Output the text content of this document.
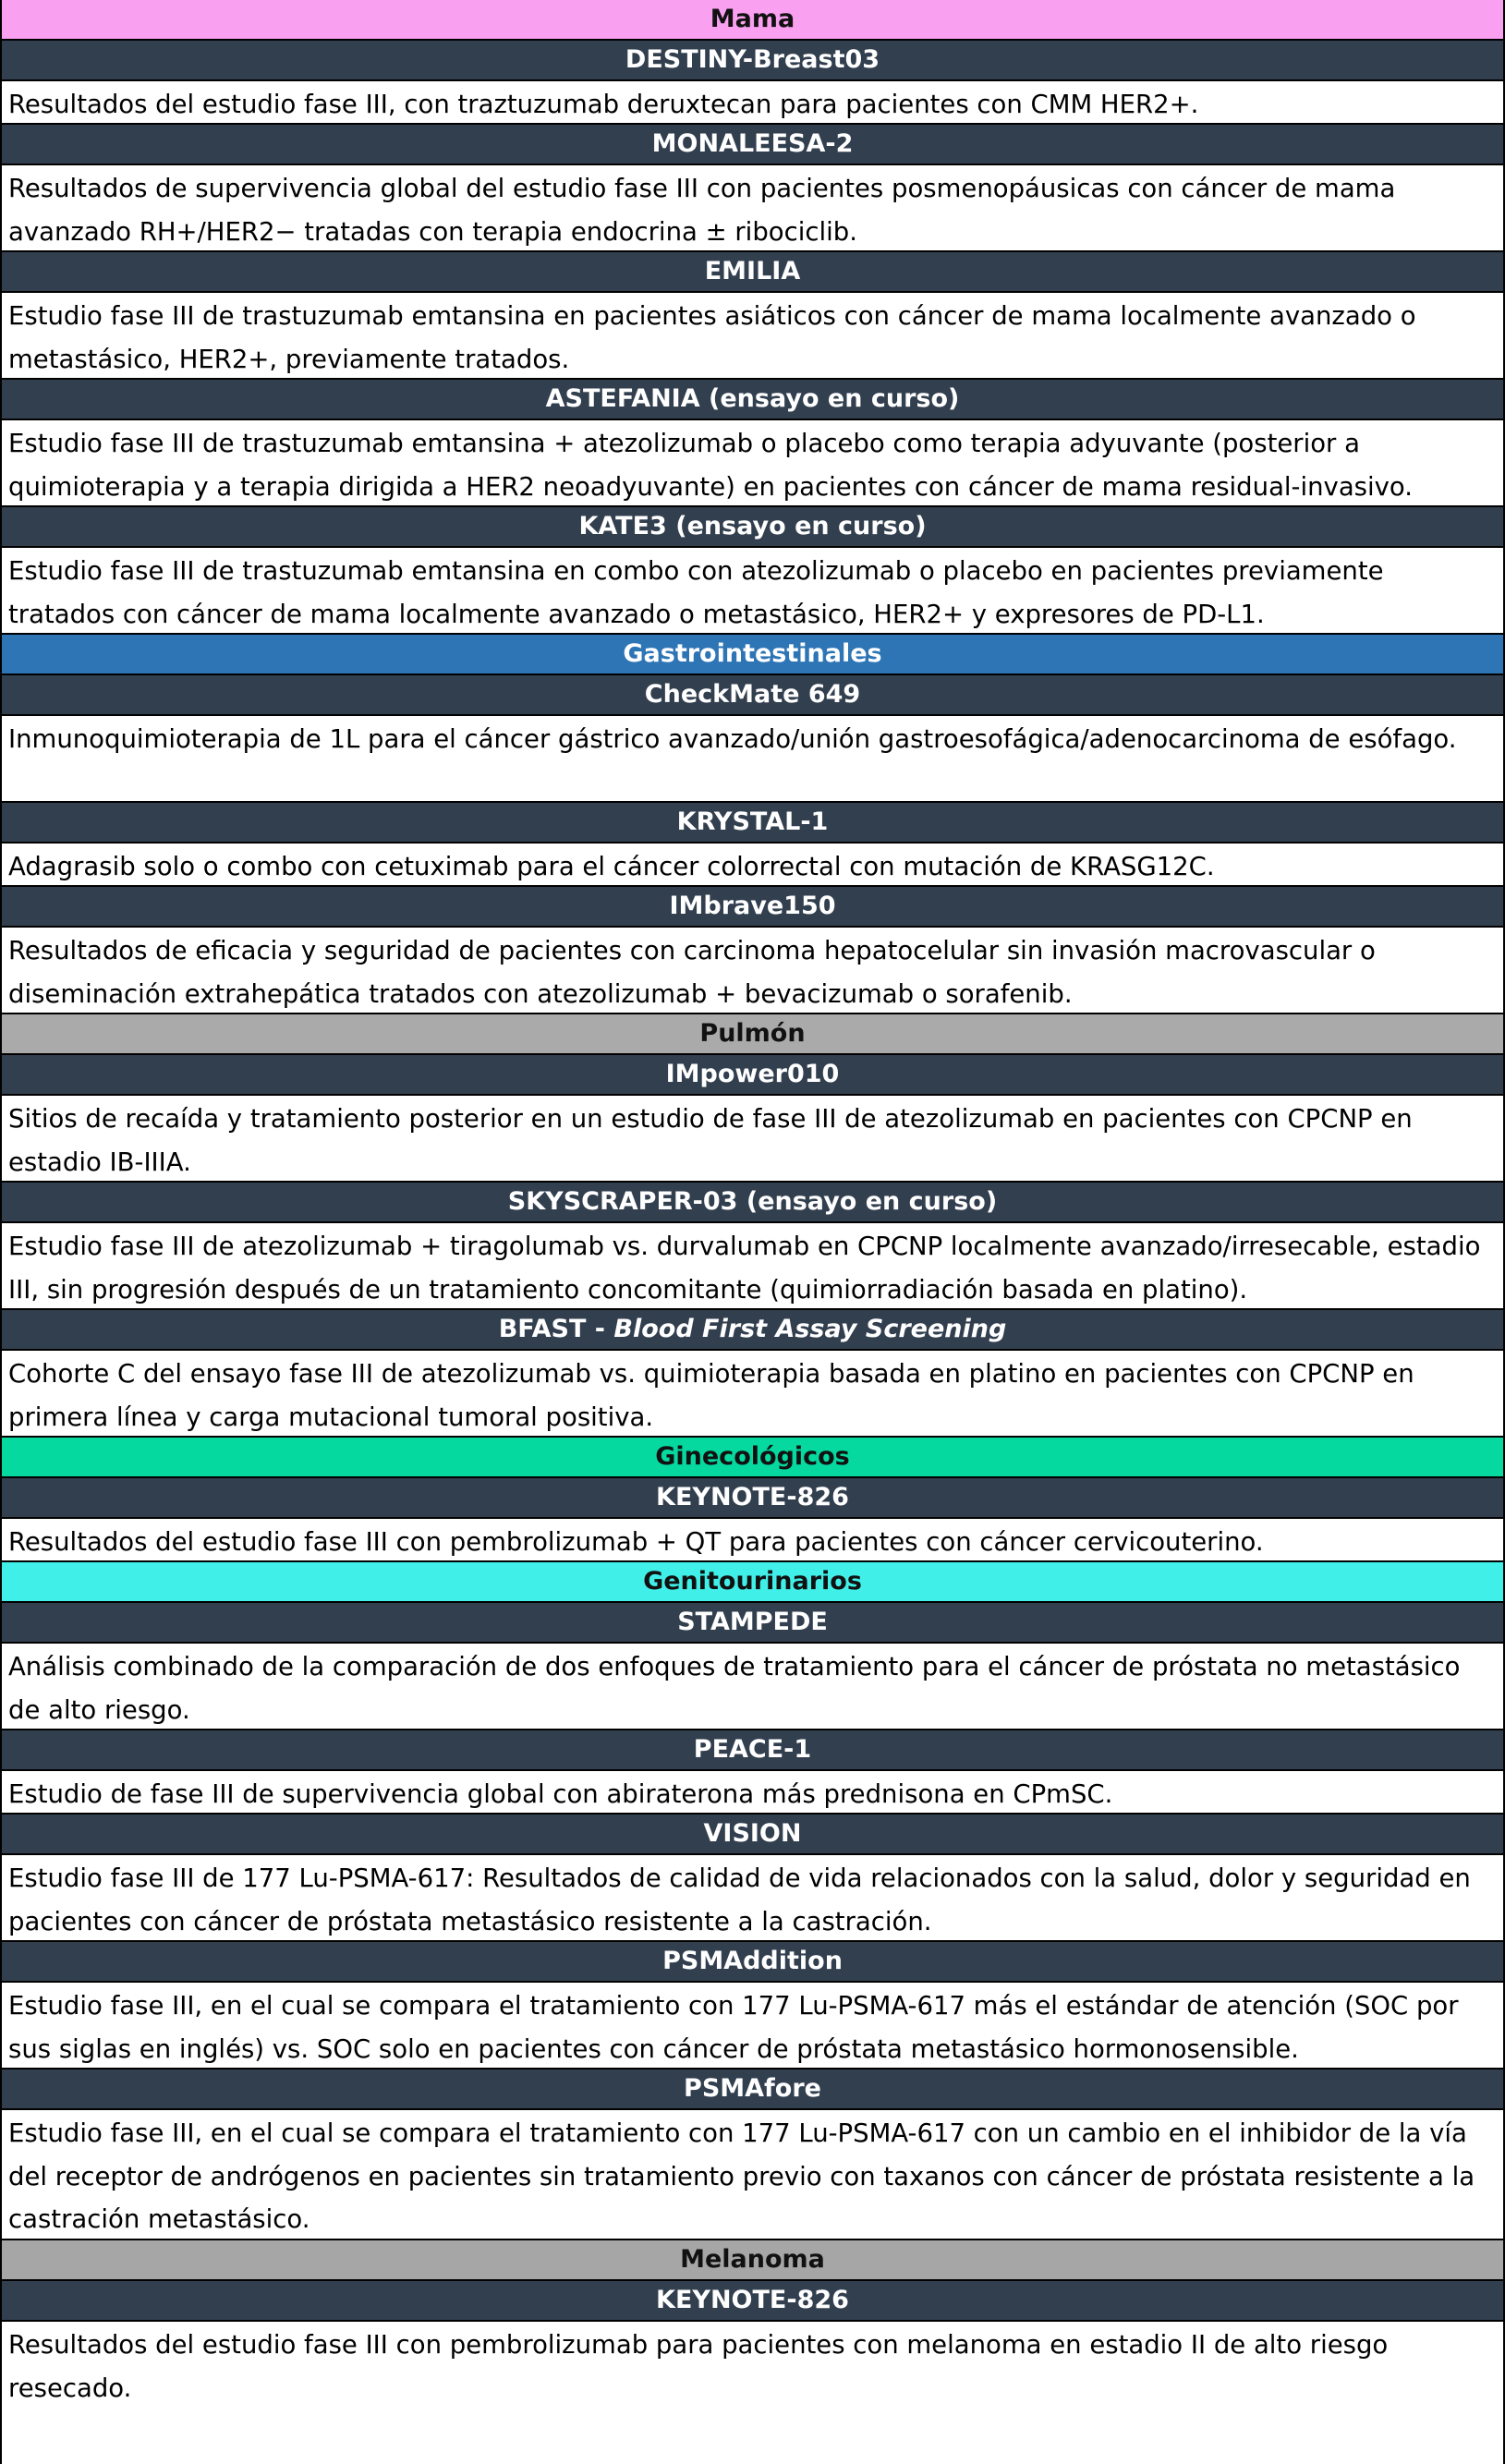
Mama
DESTINY-Breast03
Resultados del estudio fase III, con traztuzumab deruxtecan para pacientes con CMM HER2+.
MONALEESA-2
Resultados de supervivencia global del estudio fase III con pacientes posmenopáusicas con cáncer de mama avanzado RH+/HER2− tratadas con terapia endocrina ± ribociclib.
EMILIA
Estudio fase III de trastuzumab emtansina en pacientes asiáticos con cáncer de mama localmente avanzado o metastásico, HER2+, previamente tratados.
ASTEFANIA (ensayo en curso)
Estudio fase III de trastuzumab emtansina + atezolizumab o placebo como terapia adyuvante (posterior a quimioterapia y a terapia dirigida a HER2 neoadyuvante) en pacientes con cáncer de mama residual-invasivo.
KATE3 (ensayo en curso)
Estudio fase III de trastuzumab emtansina en combo con atezolizumab o placebo en pacientes previamente tratados con cáncer de mama localmente avanzado o metastásico, HER2+ y expresores de PD-L1.
Gastrointestinales
CheckMate 649
Inmunoquimioterapia de 1L para el cáncer gástrico avanzado/unión gastroesofágica/adenocarcinoma de esófago.
KRYSTAL-1
Adagrasib solo o combo con cetuximab para el cáncer colorrectal con mutación de KRASG12C.
IMbrave150
Resultados de eficacia y seguridad de pacientes con carcinoma hepatocelular sin invasión macrovascular o diseminación extrahepática tratados con atezolizumab + bevacizumab o sorafenib.
Pulmón
IMpower010
Sitios de recaída y tratamiento posterior en un estudio de fase III de atezolizumab en pacientes con CPCNP en estadio IB-IIIA.
SKYSCRAPER-03 (ensayo en curso)
Estudio fase III de atezolizumab + tiragolumab vs. durvalumab en CPCNP localmente avanzado/irresecable, estadio III, sin progresión después de un tratamiento concomitante (quimiorradiación basada en platino).
BFAST - Blood First Assay Screening
Cohorte C del ensayo fase III de atezolizumab vs. quimioterapia basada en platino en pacientes con CPCNP en primera línea y carga mutacional tumoral positiva.
Ginecológicos
KEYNOTE-826
Resultados del estudio fase III con pembrolizumab + QT para pacientes con cáncer cervicouterino.
Genitourinarios
STAMPEDE
Análisis combinado de la comparación de dos enfoques de tratamiento para el cáncer de próstata no metastásico de alto riesgo.
PEACE-1
Estudio de fase III de supervivencia global con abiraterona más prednisona en CPmSC.
VISION
Estudio fase III de 177 Lu-PSMA-617: Resultados de calidad de vida relacionados con la salud, dolor y seguridad en pacientes con cáncer de próstata metastásico resistente a la castración.
PSMAddition
Estudio fase III, en el cual se compara el tratamiento con 177 Lu-PSMA-617 más el estándar de atención (SOC por sus siglas en inglés) vs. SOC solo en pacientes con cáncer de próstata metastásico hormonosensible.
PSMAfore
Estudio fase III, en el cual se compara el tratamiento con 177 Lu-PSMA-617 con un cambio en el inhibidor de la vía del receptor de andrógenos en pacientes sin tratamiento previo con taxanos con cáncer de próstata resistente a la castración metastásico.
Melanoma
KEYNOTE-826
Resultados del estudio fase III con pembrolizumab para pacientes con melanoma en estadio II de alto riesgo resecado.
